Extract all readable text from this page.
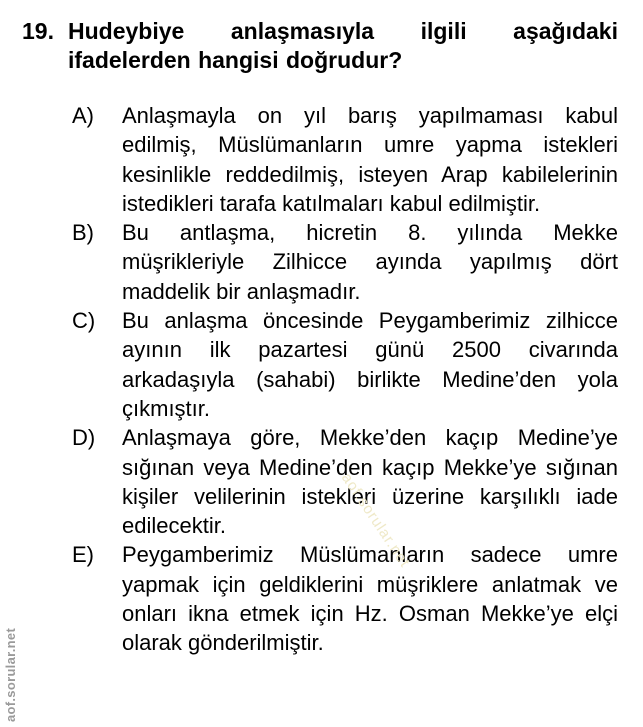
19. Hudeybiye anlaşmasıyla ilgili aşağıdaki ifadelerden hangisi doğrudur?
A)	Anlaşmayla on yıl barış yapılmaması kabul edilmiş, Müslümanların umre yapma istekleri kesinlikle reddedilmiş, isteyen Arap kabilelerinin istedikleri tarafa katılmaları kabul edilmiştir.
B)	Bu antlaşma, hicretin 8. yılında Mekke müşrikleriyle Zilhicce ayında yapılmış dört maddelik bir anlaşmadır.
C)	Bu anlaşma öncesinde Peygamberimiz zilhicce ayının ilk pazartesi günü 2500 civarında arkadaşıyla (sahabi) birlikte Medine’den yola çıkmıştır.
D)	Anlaşmaya göre, Mekke’den kaçıp Medine’ye sığınan veya Medine’den kaçıp Mekke’ye sığınan kişiler velilerinin istekleri üzerine karşılıklı iade edilecektir.
E)	Peygamberimiz Müslümanların sadece umre yapmak için geldiklerini müşriklere anlatmak ve onları ikna etmek için Hz. Osman Mekke’ye elçi olarak gönderilmiştir.
aof.sorular.net
aof.sorular.net
